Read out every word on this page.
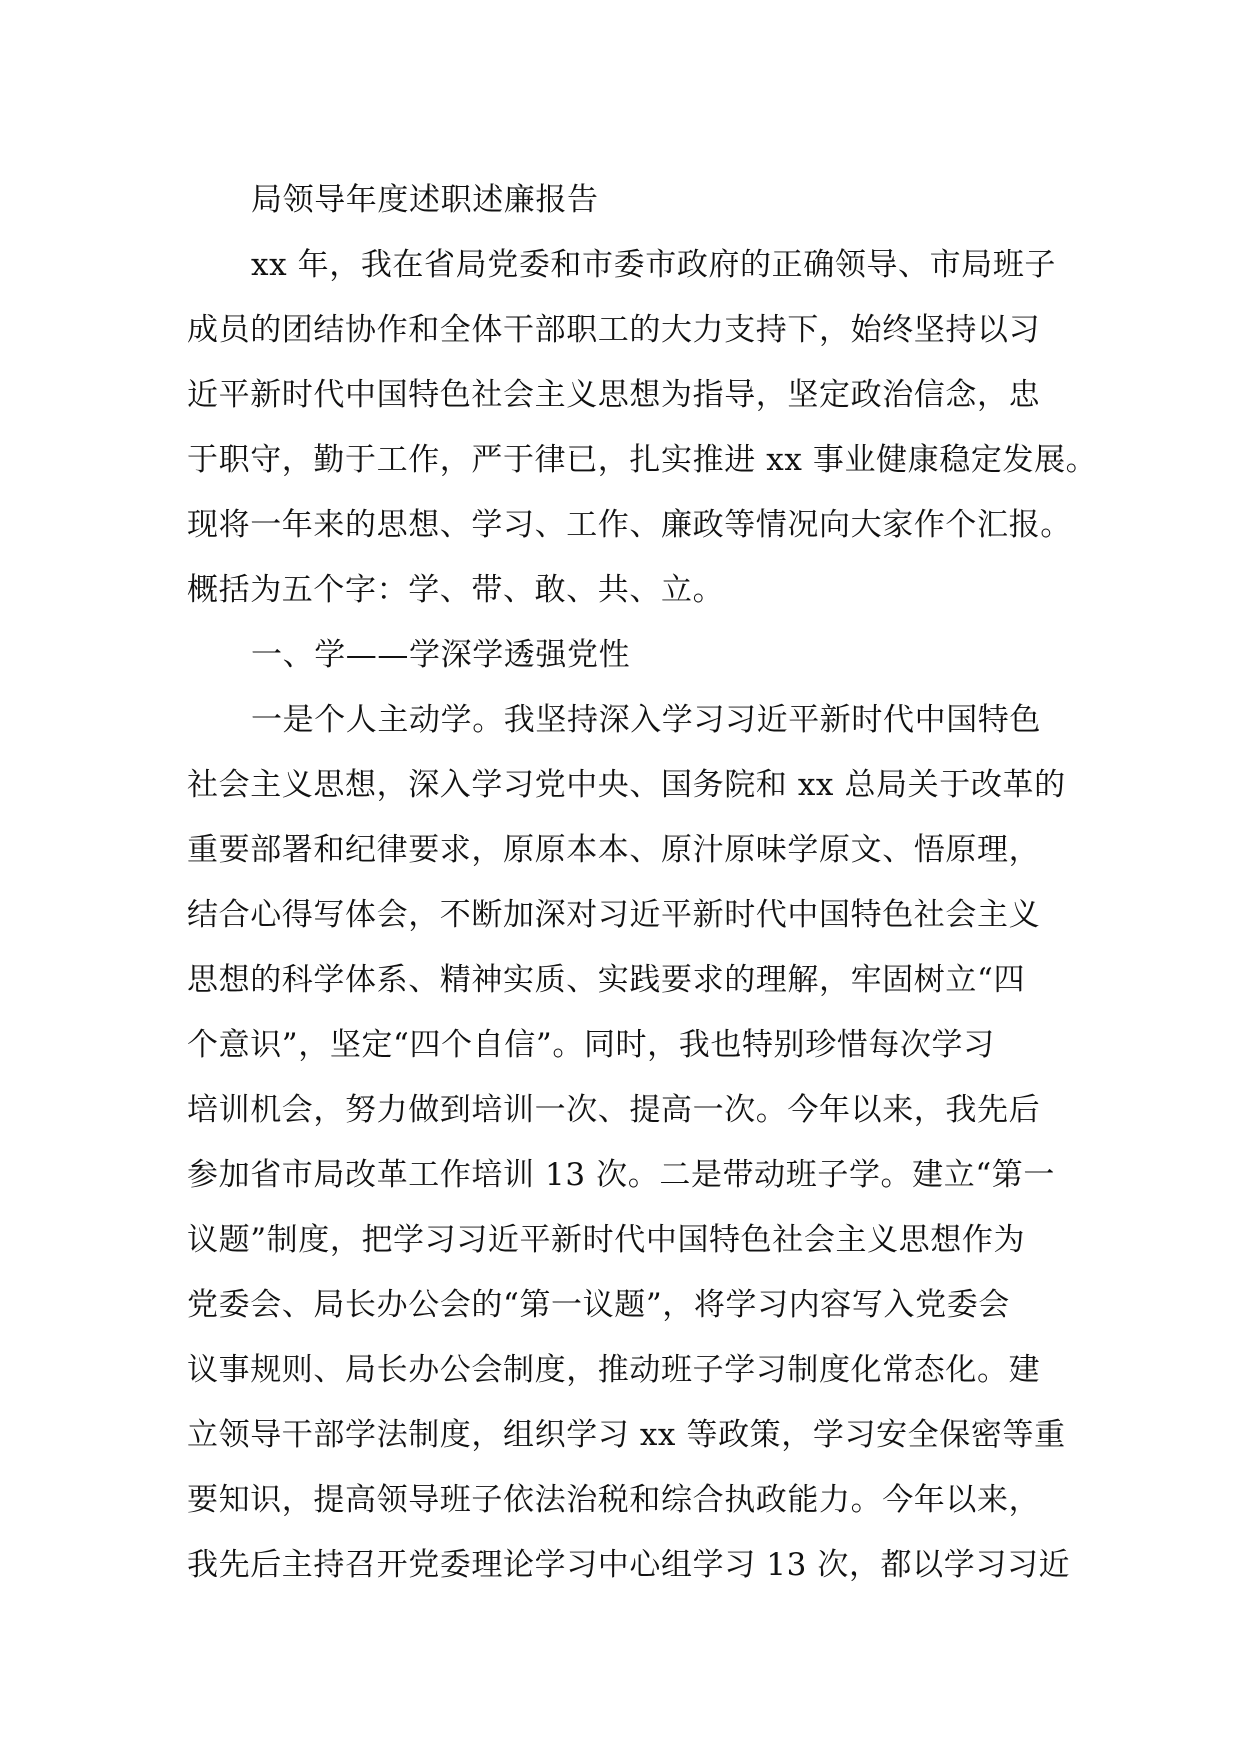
局领导年度述职述廉报告
xx 年，我在省局党委和市委市政府的正确领导、市局班子
成员的团结协作和全体干部职工的大力支持下，始终坚持以习
近平新时代中国特色社会主义思想为指导，坚定政治信念，忠
于职守，勤于工作，严于律已，扎实推进 xx 事业健康稳定发展。
现将一年来的思想、学习、工作、廉政等情况向大家作个汇报。
概括为五个字：学、带、敢、共、立。
一、学——学深学透强党性
一是个人主动学。我坚持深入学习习近平新时代中国特色
社会主义思想，深入学习党中央、国务院和 xx 总局关于改革的
重要部署和纪律要求，原原本本、原汁原味学原文、悟原理，
结合心得写体会，不断加深对习近平新时代中国特色社会主义
思想的科学体系、精神实质、实践要求的理解，牢固树立“四
个意识”，坚定“四个自信”。同时，我也特别珍惜每次学习
培训机会，努力做到培训一次、提高一次。今年以来，我先后
参加省市局改革工作培训 13 次。二是带动班子学。建立“第一
议题”制度，把学习习近平新时代中国特色社会主义思想作为
党委会、局长办公会的“第一议题”，将学习内容写入党委会
议事规则、局长办公会制度，推动班子学习制度化常态化。建
立领导干部学法制度，组织学习 xx 等政策，学习安全保密等重
要知识，提高领导班子依法治税和综合执政能力。今年以来，
我先后主持召开党委理论学习中心组学习 13 次，都以学习习近
